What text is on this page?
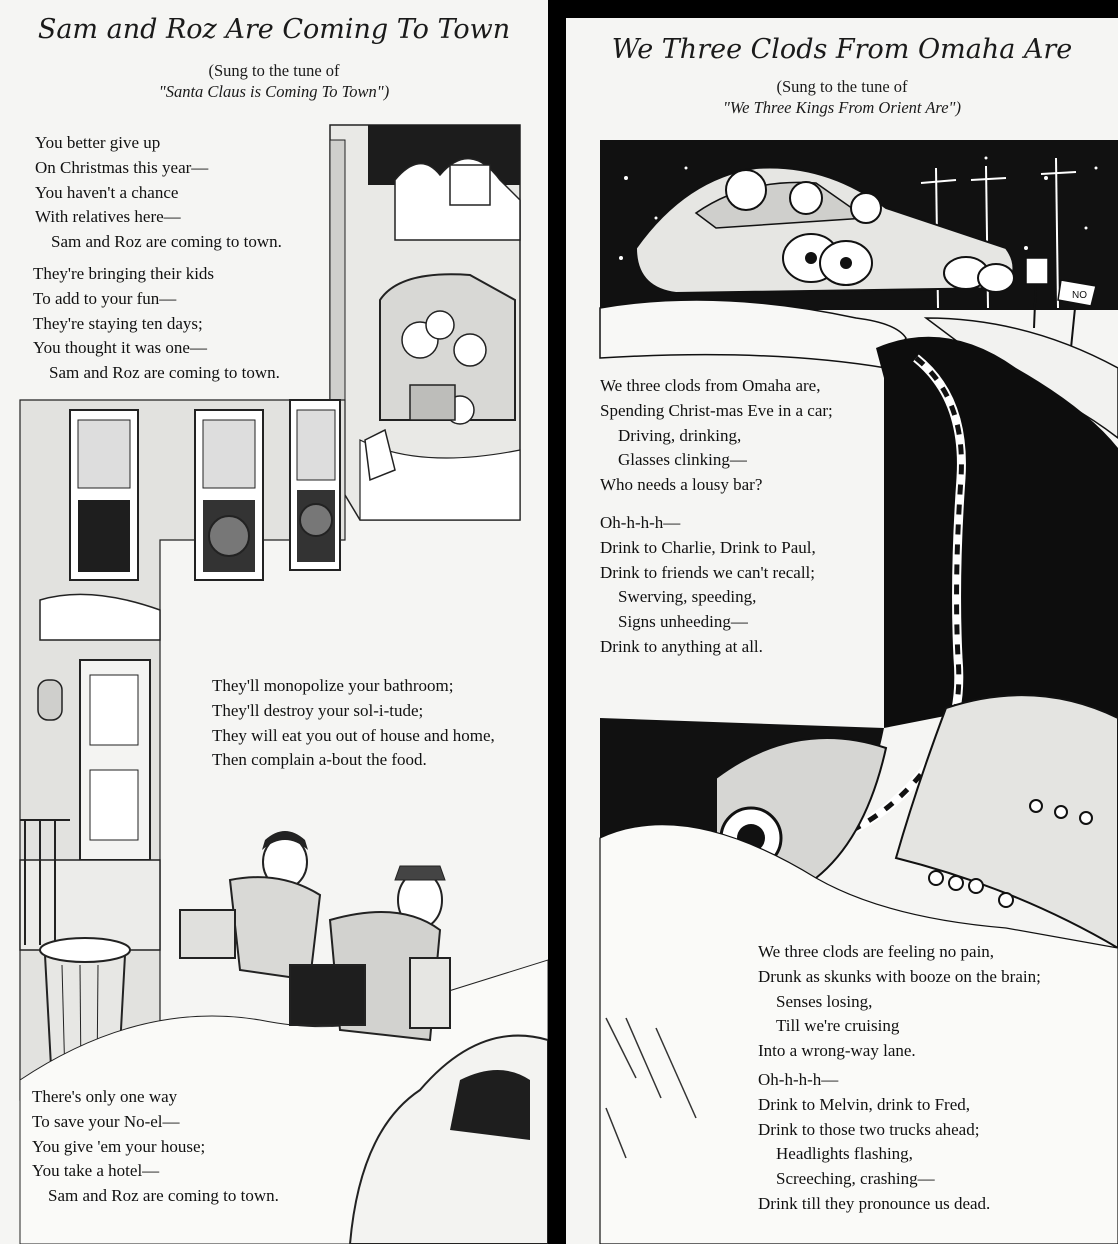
Sam and Roz Are Coming To Town
(Sung to the tune of
"Santa Claus is Coming To Town")
You better give up
On Christmas this year—
You haven't a chance
With relatives here—
Sam and Roz are coming to town.
They're bringing their kids
To add to your fun—
They're staying ten days;
You thought it was one—
Sam and Roz are coming to town.
They'll monopolize your bathroom;
They'll destroy your sol-i-tude;
They will eat you out of house and home,
Then complain a-bout the food.
There's only one way
To save your No-el—
You give 'em your house;
You take a hotel—
Sam and Roz are coming to town.
NO
We Three Clods From Omaha Are
(Sung to the tune of
"We Three Kings From Orient Are")
We three clods from Omaha are,
Spending Christ-mas Eve in a car;
Driving, drinking,
Glasses clinking—
Who needs a lousy bar?
Oh-h-h-h—
Drink to Charlie, Drink to Paul,
Drink to friends we can't recall;
Swerving, speeding,
Signs unheeding—
Drink to anything at all.
We three clods are feeling no pain,
Drunk as skunks with booze on the brain;
Senses losing,
Till we're cruising
Into a wrong-way lane.
Oh-h-h-h—
Drink to Melvin, drink to Fred,
Drink to those two trucks ahead;
Headlights flashing,
Screeching, crashing—
Drink till they pronounce us dead.
